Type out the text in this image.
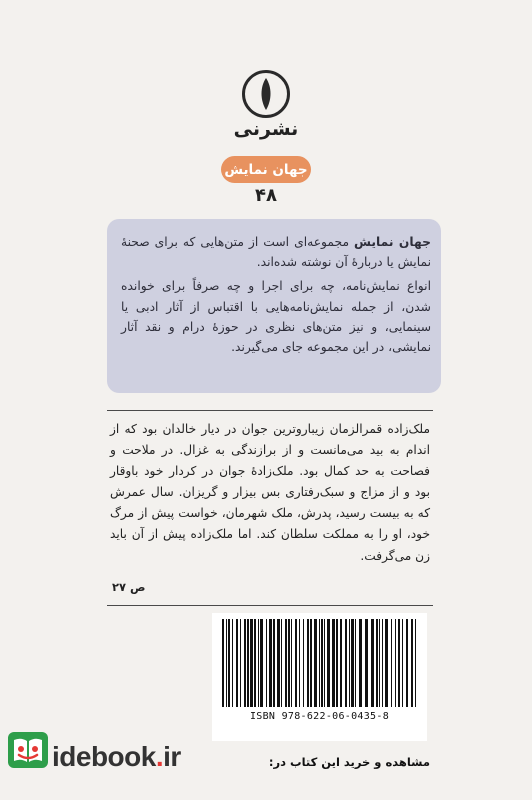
نشرنی
جهان نمایش
۴۸

جهان نمایش مجموعه‌ای است از متن‌هایی که برای صحنهٔ نمایش یا دربارهٔ آن نوشته شده‌اند.

انواع نمایش‌نامه، چه برای اجرا و چه صرفاً برای خوانده شدن، از جمله نمایش‌نامه‌هایی با اقتباس از آثار ادبی یا سینمایی، و نیز متن‌های نظری در حوزهٔ درام و نقد آثار نمایشی، در این مجموعه جای می‌گیرند.

ملک‌زاده قمرالزمان زیباروترین جوان در دیار خالدان بود که از اندام به بید می‌مانست و از برازندگی به غزال. در ملاحت و فصاحت به حد کمال بود. ملک‌زادهٔ جوان در کردار خود باوقار بود و از مزاج و سبک‌رفتاری بس بیزار و گریزان. سال عمرش که به بیست رسید، پدرش، ملک شهرمان، خواست پیش از مرگ خود، او را به مملکت سلطان کند. اما ملک‌زاده پیش از آن باید زن می‌گرفت.

ص ۲۷
ISBN 978-622-06-0435-8
مشاهده و خرید این کتاب در:
idebook.ir
